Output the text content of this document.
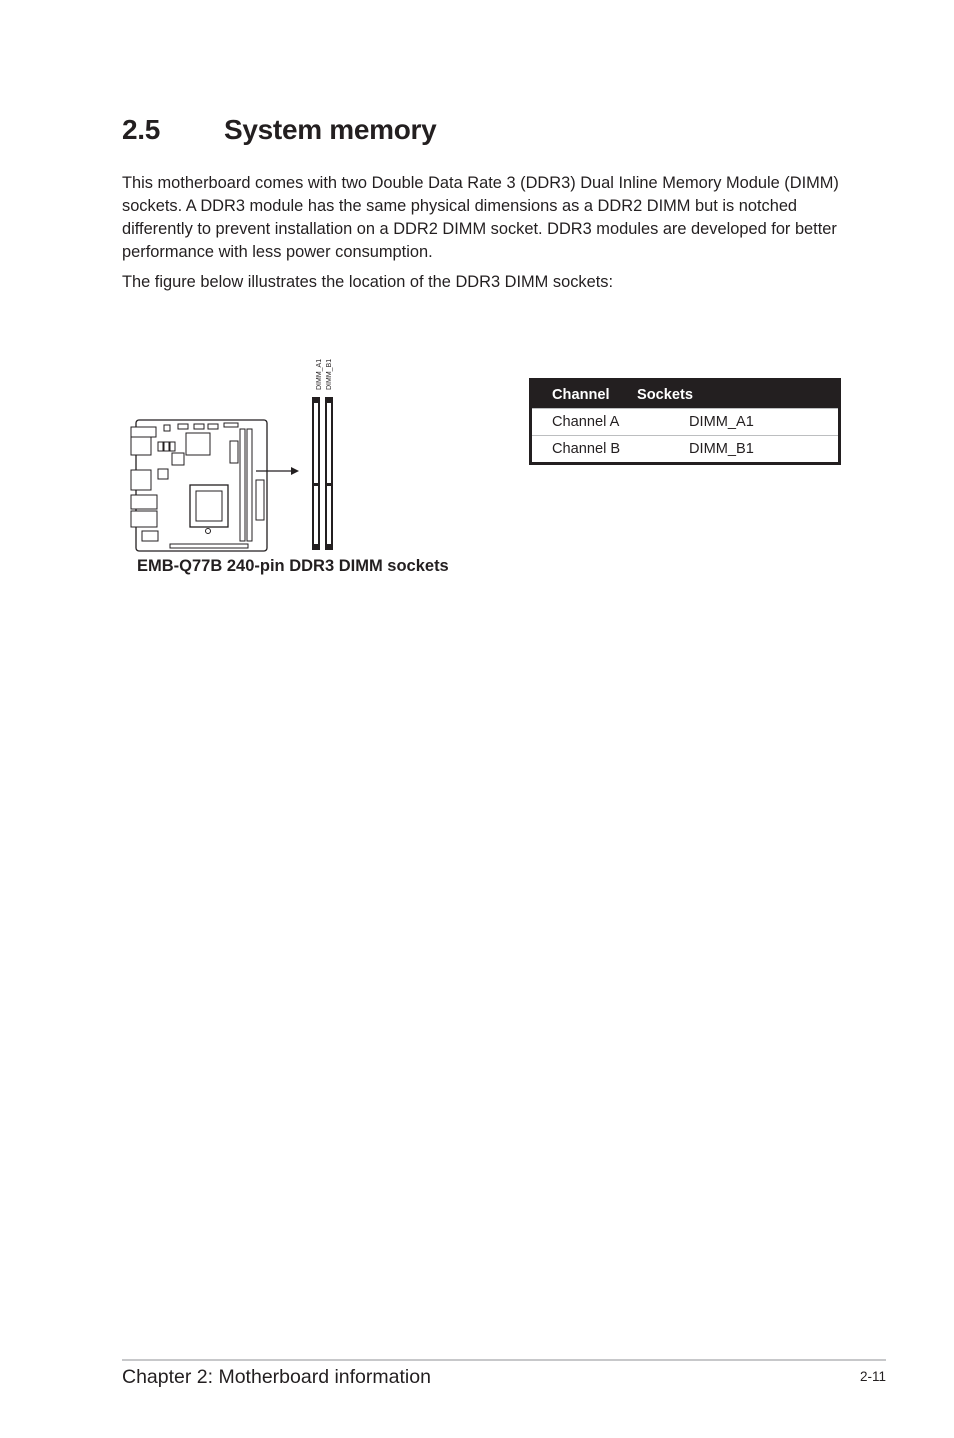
2.5 System memory

This motherboard comes with two Double Data Rate 3 (DDR3) Dual Inline Memory Module (DIMM) sockets. A DDR3 module has the same physical dimensions as a DDR2 DIMM but is notched differently to prevent installation on a DDR2 DIMM socket. DDR3 modules are developed for better performance with less power consumption.

The figure below illustrates the location of the DDR3 DIMM sockets:

DIMM_A1 DIMM_B1

EMB-Q77B 240-pin DDR3 DIMM sockets

Channel	Sockets
Channel A	DIMM_A1
Channel B	DIMM_B1

Chapter 2: Motherboard information	2-11
